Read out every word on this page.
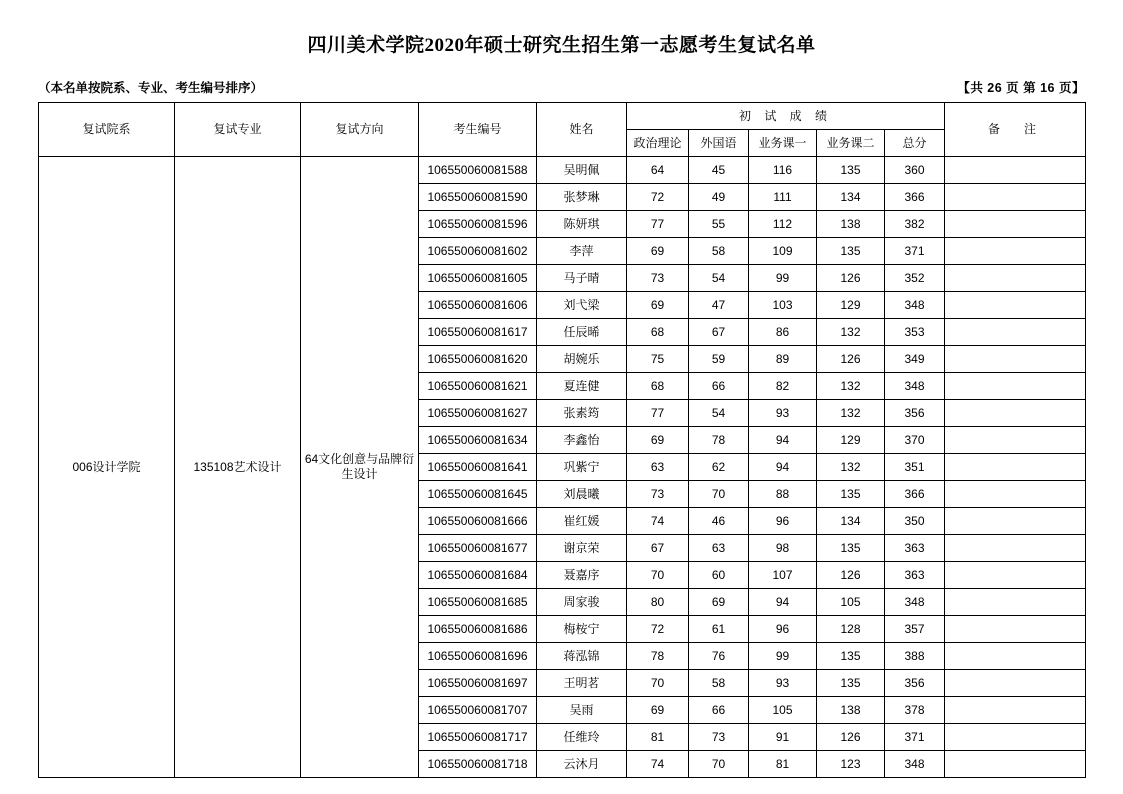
四川美术学院2020年硕士研究生招生第一志愿考生复试名单
（本名单按院系、专业、考生编号排序）	【共 26 页 第 16 页】
复试院系	复试专业	复试方向	考生编号	姓名	初 试 成 绩					备　注
					政治理论	外国语	业务课一	业务课二	总分	
006设计学院	135108艺术设计	64文化创意与品牌衍生设计	106550060081588	吴明佩	64	45	116	135	360	
			106550060081590	张梦琳	72	49	111	134	366	
			106550060081596	陈妍琪	77	55	112	138	382	
			106550060081602	李萍	69	58	109	135	371	
			106550060081605	马子晴	73	54	99	126	352	
			106550060081606	刘弋梁	69	47	103	129	348	
			106550060081617	任辰晞	68	67	86	132	353	
			106550060081620	胡婉乐	75	59	89	126	349	
			106550060081621	夏连健	68	66	82	132	348	
			106550060081627	张素筠	77	54	93	132	356	
			106550060081634	李鑫怡	69	78	94	129	370	
			106550060081641	巩紫宁	63	62	94	132	351	
			106550060081645	刘晨曦	73	70	88	135	366	
			106550060081666	崔红媛	74	46	96	134	350	
			106550060081677	谢京荣	67	63	98	135	363	
			106550060081684	聂嘉序	70	60	107	126	363	
			106550060081685	周家骏	80	69	94	105	348	
			106550060081686	梅桉宁	72	61	96	128	357	
			106550060081696	蒋泓锦	78	76	99	135	388	
			106550060081697	王明茗	70	58	93	135	356	
			106550060081707	吴雨	69	66	105	138	378	
			106550060081717	任维玲	81	73	91	126	371	
			106550060081718	云沐月	74	70	81	123	348	
